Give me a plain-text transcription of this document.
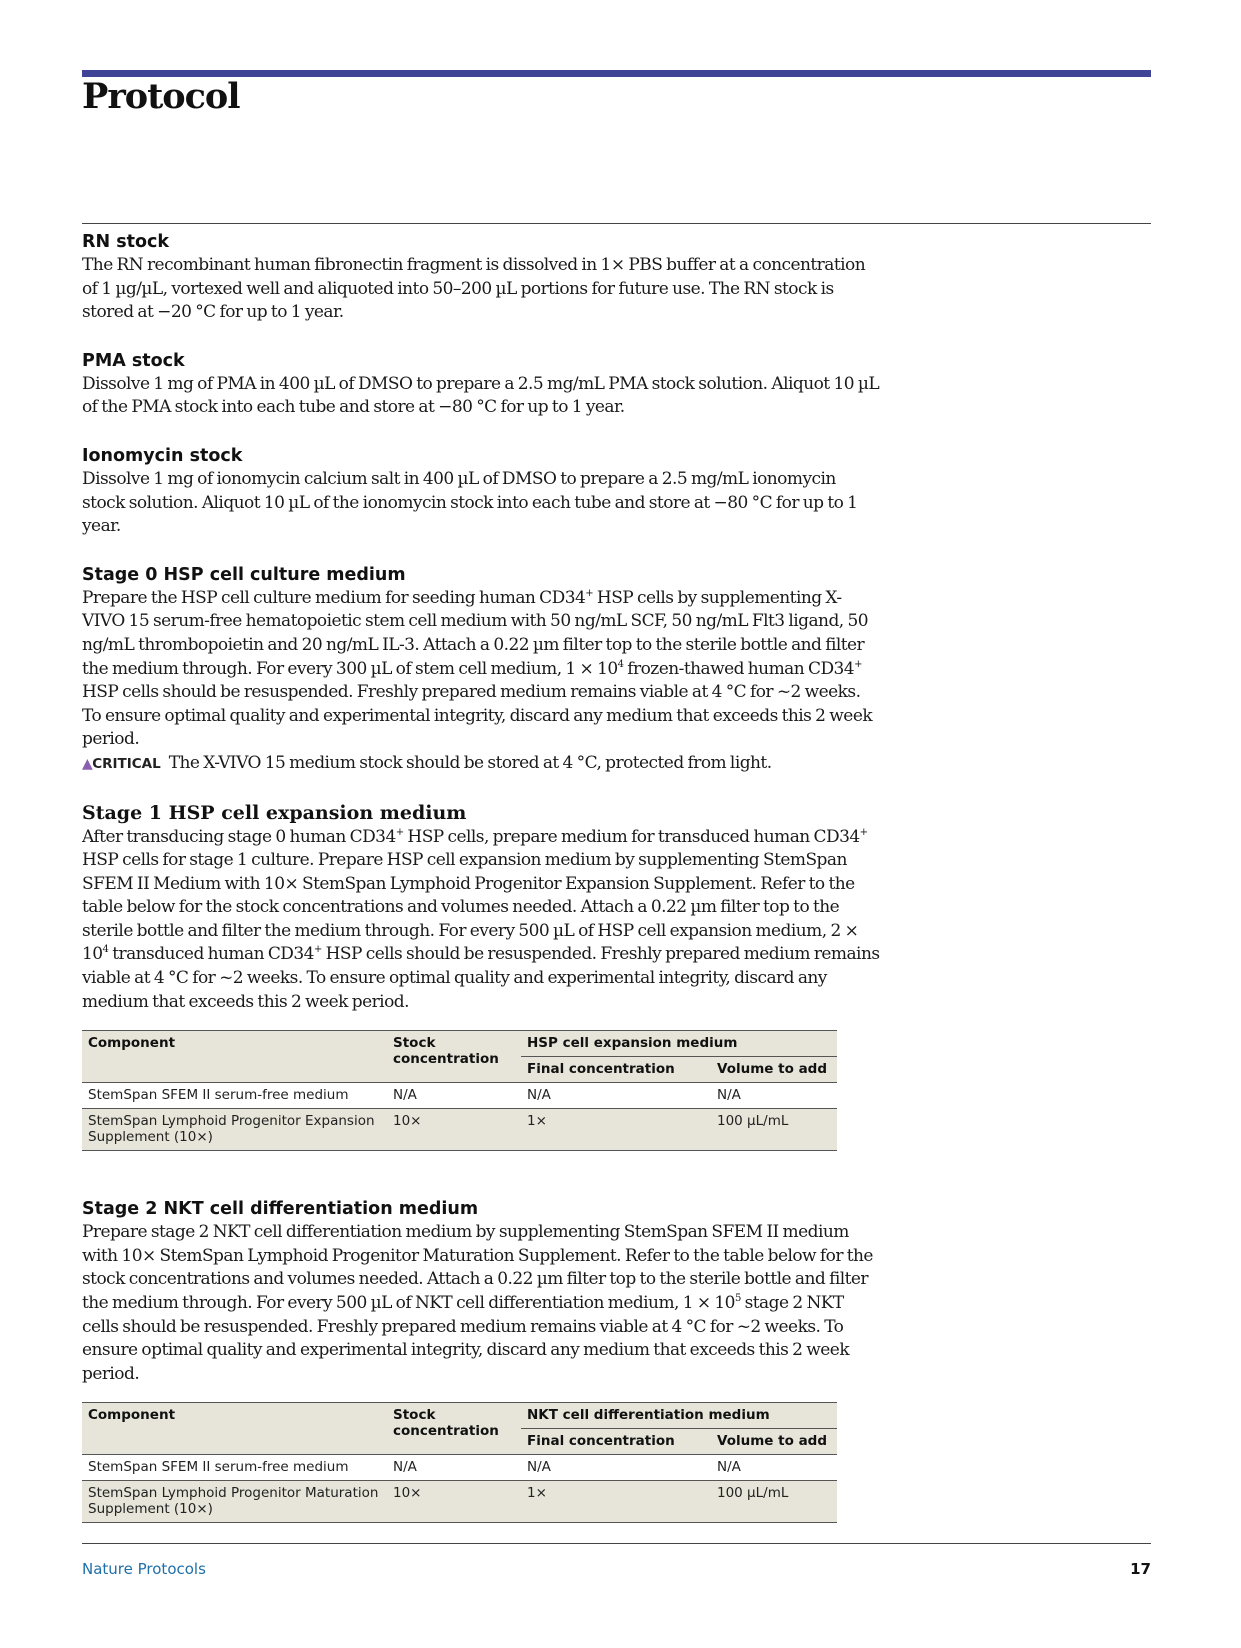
Protocol
RN stock

The RN recombinant human fibronectin fragment is dissolved in 1× PBS buffer at a concentration of 1 µg/µL, vortexed well and aliquoted into 50–200 µL portions for future use. The RN stock is stored at −20 °C for up to 1 year.

PMA stock

Dissolve 1 mg of PMA in 400 µL of DMSO to prepare a 2.5 mg/mL PMA stock solution. Aliquot 10 µL of the PMA stock into each tube and store at −80 °C for up to 1 year.

Ionomycin stock

Dissolve 1 mg of ionomycin calcium salt in 400 µL of DMSO to prepare a 2.5 mg/mL ionomycin stock solution. Aliquot 10 µL of the ionomycin stock into each tube and store at −80 °C for up to 1 year.

Stage 0 HSP cell culture medium

Prepare the HSP cell culture medium for seeding human CD34+ HSP cells by supplementing X-VIVO 15 serum-free hematopoietic stem cell medium with 50 ng/mL SCF, 50 ng/mL Flt3 ligand, 50 ng/mL thrombopoietin and 20 ng/mL IL-3. Attach a 0.22 µm filter top to the sterile bottle and filter the medium through. For every 300 µL of stem cell medium, $1 \times 10^4$ frozen-thawed human CD34+ HSP cells should be resuspended. Freshly prepared medium remains viable at 4 °C for ~2 weeks. To ensure optimal quality and experimental integrity, discard any medium that exceeds this 2 week period.

▲CRITICAL The X-VIVO 15 medium stock should be stored at 4 °C, protected from light.
Stage 1 HSP cell expansion medium

After transducing stage 0 human CD34+ HSP cells, prepare medium for transduced human CD34+ HSP cells for stage 1 culture. Prepare HSP cell expansion medium by supplementing StemSpan SFEM II Medium with 10× StemSpan Lymphoid Progenitor Expansion Supplement. Refer to the table below for the stock concentrations and volumes needed. Attach a 0.22 µm filter top to the sterile bottle and filter the medium through. For every 500 µL of HSP cell expansion medium, $2 \times 10^4$ transduced human CD34+ HSP cells should be resuspended. Freshly prepared medium remains viable at 4 °C for ~2 weeks. To ensure optimal quality and experimental integrity, discard any medium that exceeds this 2 week period.

Component	Stock concentration	HSP cell expansion medium	
		Final concentration	Volume to add
StemSpan SFEM II serum-free medium	N/A	N/A	N/A
StemSpan Lymphoid Progenitor Expansion Supplement (10×)	10×	1×	100 µL/mL
Stage 2 NKT cell differentiation medium

Prepare stage 2 NKT cell differentiation medium by supplementing StemSpan SFEM II medium with 10× StemSpan Lymphoid Progenitor Maturation Supplement. Refer to the table below for the stock concentrations and volumes needed. Attach a 0.22 µm filter top to the sterile bottle and filter the medium through. For every 500 µL of NKT cell differentiation medium, $1 \times 10^5$ stage 2 NKT cells should be resuspended. Freshly prepared medium remains viable at 4 °C for ~2 weeks. To ensure optimal quality and experimental integrity, discard any medium that exceeds this 2 week period.

Component	Stock concentration	NKT cell differentiation medium	
		Final concentration	Volume to add
StemSpan SFEM II serum-free medium	N/A	N/A	N/A
StemSpan Lymphoid Progenitor Maturation Supplement (10×)	10×	1×	100 µL/mL
Nature Protocols	17
